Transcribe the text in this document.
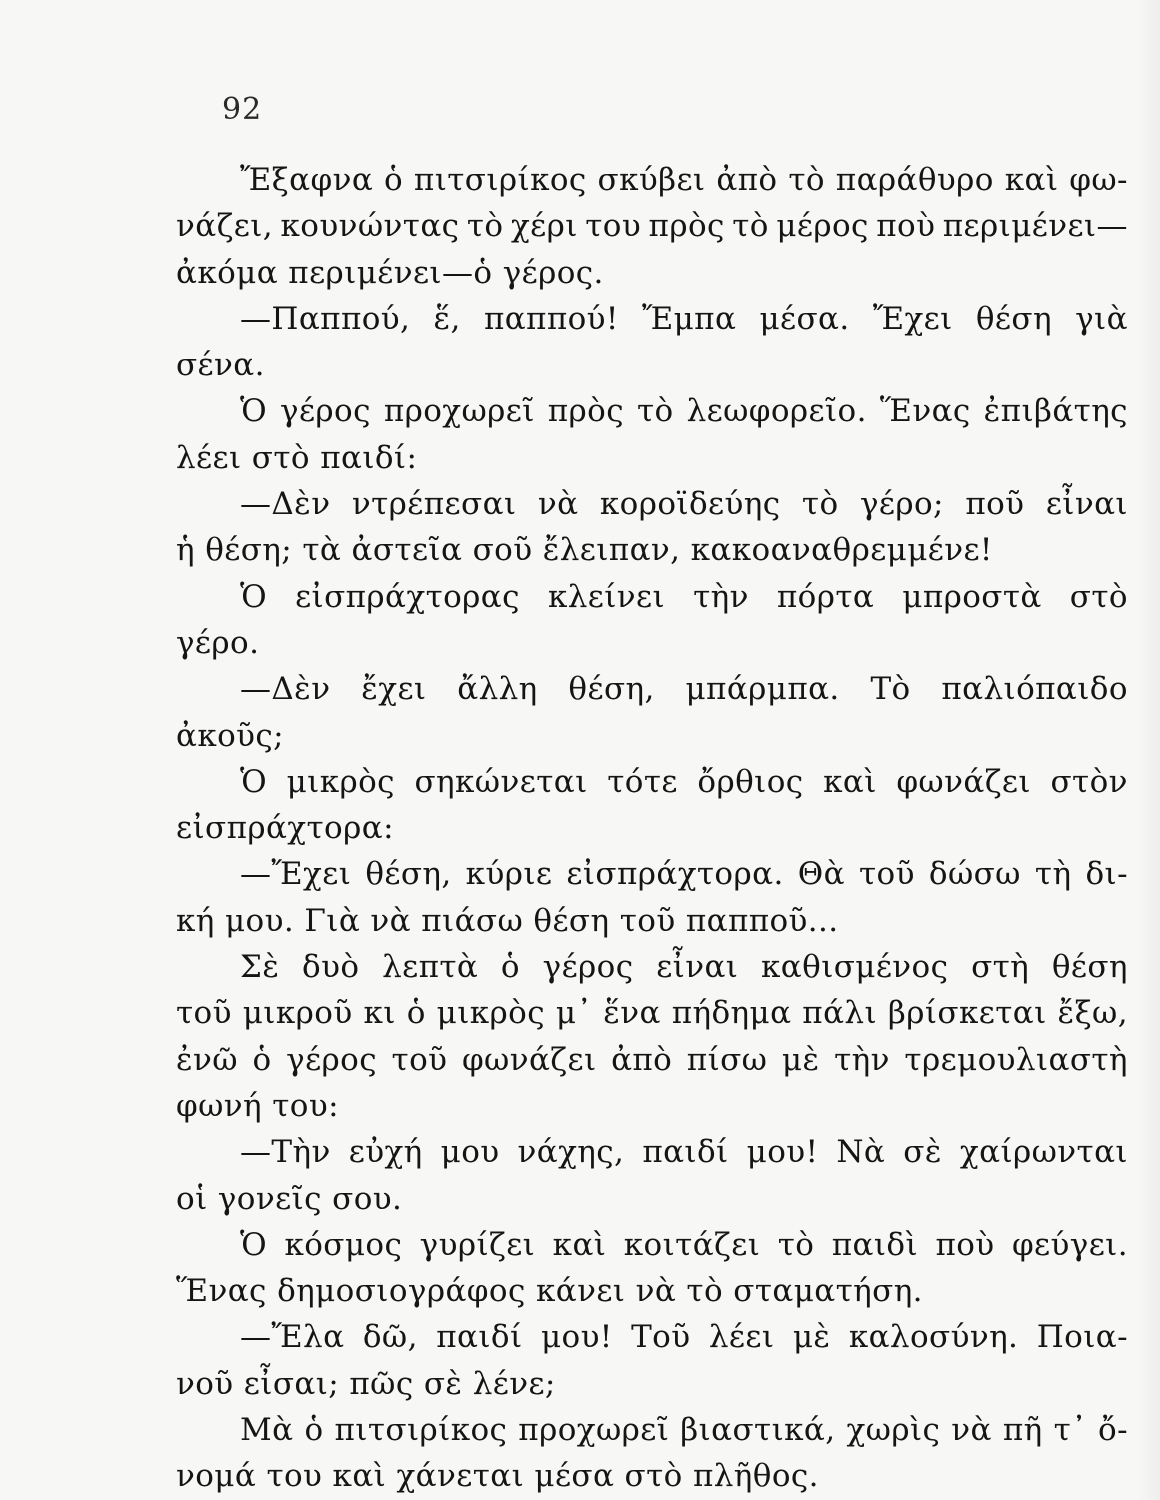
92

Ἔξαφνα ὁ πιτσιρίκος σκύβει ἀπὸ τὸ παράθυρο καὶ φω-
νάζει, κουνώντας τὸ χέρι του πρὸς τὸ μέρος ποὺ περιμένει—
ἀκόμα περιμένει—ὁ γέρος.

—Παππού, ἕ, παππού! Ἔμπα μέσα. Ἔχει θέση γιὰ
σένα.

Ὁ γέρος προχωρεῖ πρὸς τὸ λεωφορεῖο. Ἕνας ἐπιβάτης
λέει στὸ παιδί:

—Δὲν ντρέπεσαι νὰ κοροϊδεύης τὸ γέρο; ποῦ εἶναι
ἡ θέση; τὰ ἀστεῖα σοῦ ἔλειπαν, κακοαναθρεμμένε!

Ὁ εἰσπράχτορας κλείνει τὴν πόρτα μπροστὰ στὸ
γέρο.

—Δὲν ἔχει ἄλλη θέση, μπάρμπα. Τὸ παλιόπαιδο
ἀκοῦς;

Ὁ μικρὸς σηκώνεται τότε ὄρθιος καὶ φωνάζει στὸν
εἰσπράχτορα:

—Ἔχει θέση, κύριε εἰσπράχτορα. Θὰ τοῦ δώσω τὴ δι-
κή μου. Γιὰ νὰ πιάσω θέση τοῦ παπποῦ...

Σὲ δυὸ λεπτὰ ὁ γέρος εἶναι καθισμένος στὴ θέση
τοῦ μικροῦ κι ὁ μικρὸς μ᾽ ἕνα πήδημα πάλι βρίσκεται ἔξω,
ἐνῶ ὁ γέρος τοῦ φωνάζει ἀπὸ πίσω μὲ τὴν τρεμουλιαστὴ
φωνή του:

—Τὴν εὐχή μου νάχης, παιδί μου! Νὰ σὲ χαίρωνται
οἱ γονεῖς σου.

Ὁ κόσμος γυρίζει καὶ κοιτάζει τὸ παιδὶ ποὺ φεύγει.
Ἕνας δημοσιογράφος κάνει νὰ τὸ σταματήση.

—Ἔλα δῶ, παιδί μου! Τοῦ λέει μὲ καλοσύνη. Ποια-
νοῦ εἶσαι; πῶς σὲ λένε;

Μὰ ὁ πιτσιρίκος προχωρεῖ βιαστικά, χωρὶς νὰ πῆ τ᾽ ὄ-
νομά του καὶ χάνεται μέσα στὸ πλῆθος.
